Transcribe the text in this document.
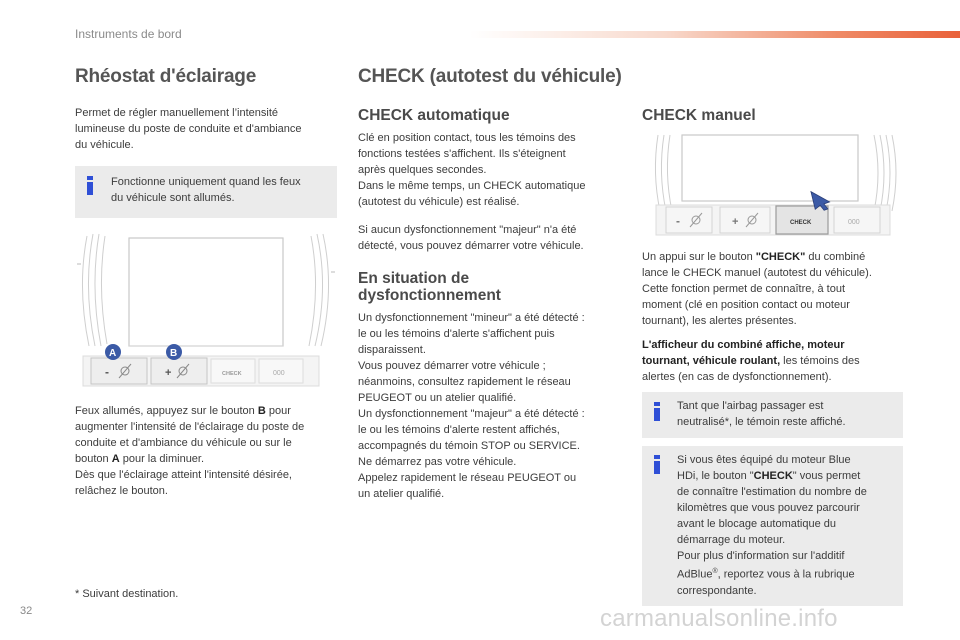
Instruments de bord
Rhéostat d'éclairage
Permet de régler manuellement l’intensité
lumineuse du poste de conduite et d'ambiance
du véhicule.
Fonctionne uniquement quand les feux
du véhicule sont allumés.
-	+	CHECK	000
A	B
Feux allumés, appuyez sur le bouton B pour
augmenter l'intensité de l'éclairage du poste de
conduite et d'ambiance du véhicule ou sur le
bouton A pour la diminuer.
Dès que l'éclairage atteint l'intensité désirée,
relâchez le bouton.
* Suivant destination.
CHECK (autotest du véhicule)
CHECK automatique
Clé en position contact, tous les témoins des
fonctions testées s'affichent. Ils s'éteignent
après quelques secondes.
Dans le même temps, un CHECK automatique
(autotest du véhicule) est réalisé.
Si aucun dysfonctionnement "majeur" n'a été
détecté, vous pouvez démarrer votre véhicule.
En situation de
dysfonctionnement
Un dysfonctionnement "mineur" a été détecté :
le ou les témoins d'alerte s'affichent puis
disparaissent.
Vous pouvez démarrer votre véhicule ;
néanmoins, consultez rapidement le réseau
PEUGEOT ou un atelier qualifié.
Un dysfonctionnement "majeur" a été détecté :
le ou les témoins d'alerte restent affichés,
accompagnés du témoin STOP ou SERVICE.
Ne démarrez pas votre véhicule.
Appelez rapidement le réseau PEUGEOT ou
un atelier qualifié.
CHECK manuel
-	+	CHECK	000
Un appui sur le bouton "CHECK" du combiné
lance le CHECK manuel (autotest du véhicule).
Cette fonction permet de connaître, à tout
moment (clé en position contact ou moteur
tournant), les alertes présentes.
L'afficheur du combiné affiche, moteur
tournant, véhicule roulant, les témoins des
alertes (en cas de dysfonctionnement).
Tant que l'airbag passager est
neutralisé*, le témoin reste affiché.
Si vous êtes équipé du moteur Blue
HDi, le bouton "CHECK" vous permet
de connaître l'estimation du nombre de
kilomètres que vous pouvez parcourir
avant le blocage automatique du
démarrage du moteur.
Pour plus d'information sur l'additif
AdBlue®, reportez vous à la rubrique
correspondante.
32	carmanualsonline.info
